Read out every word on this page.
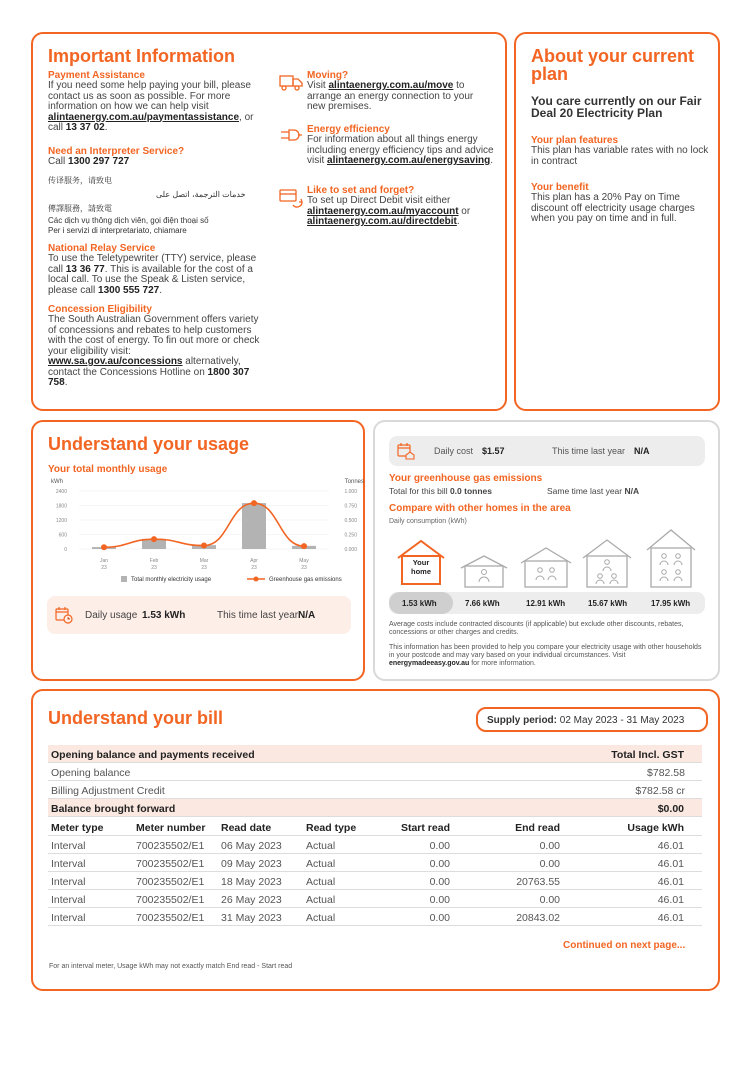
Important Information
Payment Assistance
If you need some help paying your bill, please contact us as soon as possible. For more information on how we can help visit alintaenergy.com.au/paymentassistance, or call 13 37 02.
Need an Interpreter Service?
Call 1300 297 727
传译服务，请致电
خدمات الترجمة، اتصل على
傳譯服務，請致電
Các dịch vụ thông dịch viên, gọi điện thoại số
Per i servizi di interpretariato, chiamare
National Relay Service
To use the Teletypewriter (TTY) service, please call 13 36 77. This is available for the cost of a local call. To use the Speak & Listen service, please call 1300 555 727.
Concession Eligibility
The South Australian Government offers variety of concessions and rebates to help customers with the cost of energy. To fin out more or check your eligibility visit: www.sa.gov.au/concessions alternatively, contact the Concessions Hotline on 1800 307 758.
Moving?
Visit alintaenergy.com.au/move to arrange an energy connection to your new premises.
Energy efficiency
For information about all things energy including energy efficiency tips and advice visit alintaenergy.com.au/energysaving.
Like to set and forget?
To set up Direct Debit visit either
alintaenergy.com.au/myaccount or
alintaenergy.com.au/directdebit.
About your current plan
You care currently on our Fair Deal 20 Electricity Plan
Your plan features
This plan has variable rates with no lock in contract
Your benefit
This plan has a 20% Pay on Time discount off electricity usage charges when you pay on time and in full.
Understand your usage
Your total monthly usage
kWh	Tonnes
2400
1800
1200
600
0
1.000
0.750
0.500
0.250
0.000
Jan
23
Feb
23
Mar
23
Apr
23
May
23
Total monthly electricity usage	Greenhouse gas emissions
Daily usage 1.53 kWh	This time last year N/A
Daily cost $1.57	This time last year N/A
Your greenhouse gas emissions
Total for this bill 0.0 tonnes	Same time last year N/A
Compare with other homes in the area
Daily consumption (kWh)
Your home
1.53 kWh	7.66 kWh	12.91 kWh	15.67 kWh	17.95 kWh
Average costs include contracted discounts (if applicable) but exclude other discounts, rebates, concessions or other charges and credits.
This information has been provided to help you compare your electricity usage with other households in your postcode and may vary based on your individual circumstances. Visit energymadeeasy.gov.au for more information.
Understand your bill	Supply period: 02 May 2023 - 31 May 2023
Opening balance and payments received	Total Incl. GST
Opening balance	$782.58
Billing Adjustment Credit	$782.58 cr
Balance brought forward	$0.00
Meter type	Meter number Read date	Read type	Start read	End read	Usage kWh
Interval	700235502/E1 06 May 2023 Actual	0.00	0.00	46.01
Interval	700235502/E1 09 May 2023 Actual	0.00	0.00	46.01
Interval	700235502/E1 18 May 2023 Actual	0.00	20763.55	46.01
Interval	700235502/E1 26 May 2023 Actual	0.00	0.00	46.01
Interval	700235502/E1 31 May 2023 Actual	0.00	20843.02	46.01
Continued on next page...
For an interval meter, Usage kWh may not exactly match End read - Start read
